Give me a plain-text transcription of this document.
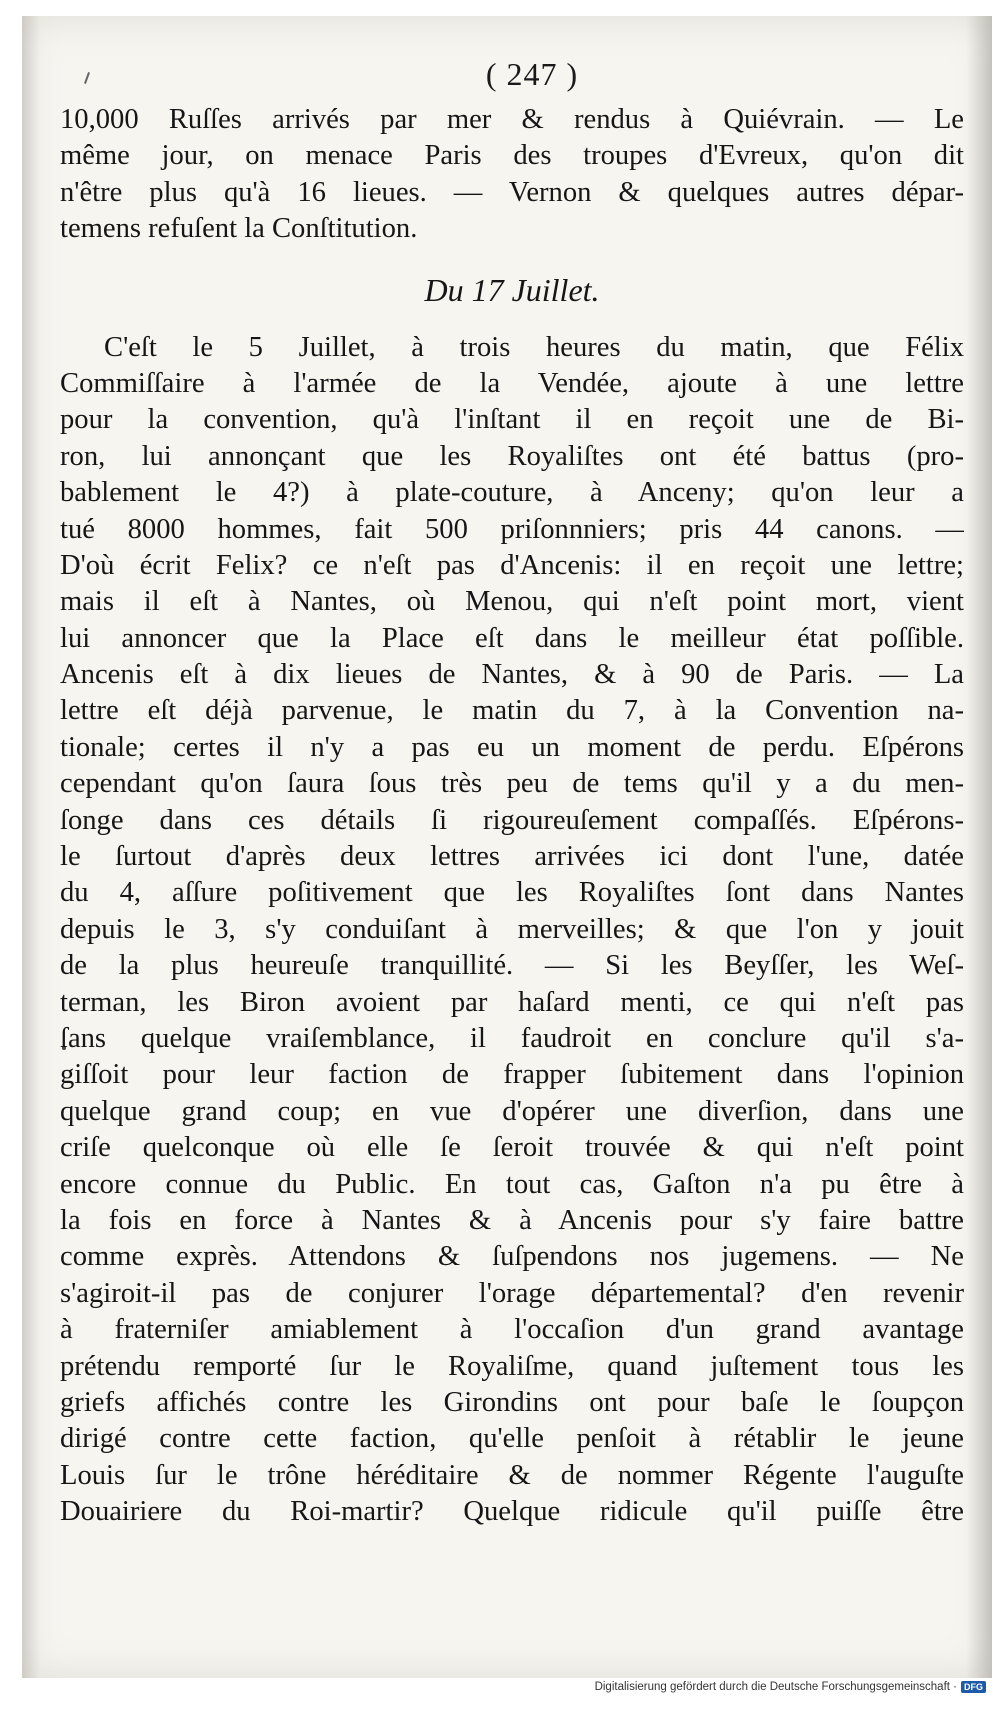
( 247 )
10,000 Ruſſes arrivés par mer & rendus à Quiévrain. — Le
même jour, on menace Paris des troupes d'Evreux, qu'on dit
n'être plus qu'à 16 lieues. — Vernon & quelques autres dépar-
temens refuſent la Conſtitution.
Du 17 Juillet.
C'eſt le 5 Juillet, à trois heures du matin, que Félix
Commiſſaire à l'armée de la Vendée, ajoute à une lettre
pour la convention, qu'à l'inſtant il en reçoit une de Bi-
ron, lui annonçant que les Royaliſtes ont été battus (pro-
bablement le 4?) à plate-couture, à Anceny; qu'on leur a
tué 8000 hommes, fait 500 priſonnniers; pris 44 canons. —
D'où écrit Felix? ce n'eſt pas d'Ancenis: il en reçoit une lettre;
mais il eſt à Nantes, où Menou, qui n'eſt point mort, vient
lui annoncer que la Place eſt dans le meilleur état poſſible.
Ancenis eſt à dix lieues de Nantes, & à 90 de Paris. — La
lettre eſt déjà parvenue, le matin du 7, à la Convention na-
tionale; certes il n'y a pas eu un moment de perdu. Eſpérons
cependant qu'on ſaura ſous très peu de tems qu'il y a du men-
ſonge dans ces détails ſi rigoureuſement compaſſés. Eſpérons-
le ſurtout d'après deux lettres arrivées ici dont l'une, datée
du 4, aſſure poſitivement que les Royaliſtes ſont dans Nantes
depuis le 3, s'y conduiſant à merveilles; & que l'on y jouit
de la plus heureuſe tranquillité. — Si les Beyſſer, les Weſ-
terman, les Biron avoient par haſard menti, ce qui n'eſt pas
ſans quelque vraiſemblance, il faudroit en conclure qu'il s'a-
giſſoit pour leur faction de frapper ſubitement dans l'opinion
quelque grand coup; en vue d'opérer une diverſion, dans une
criſe quelconque où elle ſe ſeroit trouvée & qui n'eſt point
encore connue du Public. En tout cas, Gaſton n'a pu être à
la fois en force à Nantes & à Ancenis pour s'y faire battre
comme exprès. Attendons & ſuſpendons nos jugemens. — Ne
s'agiroit-il pas de conjurer l'orage départemental? d'en revenir
à fraterniſer amiablement à l'occaſion d'un grand avantage
prétendu remporté ſur le Royaliſme, quand juſtement tous les
griefs affichés contre les Girondins ont pour baſe le ſoupçon
dirigé contre cette faction, qu'elle penſoit à rétablir le jeune
Louis ſur le trône héréditaire & de nommer Régente l'auguſte
Douairiere du Roi-martir? Quelque ridicule qu'il puiſſe être
Digitalisierung gefördert durch die Deutsche Forschungsgemeinschaft · DFG
